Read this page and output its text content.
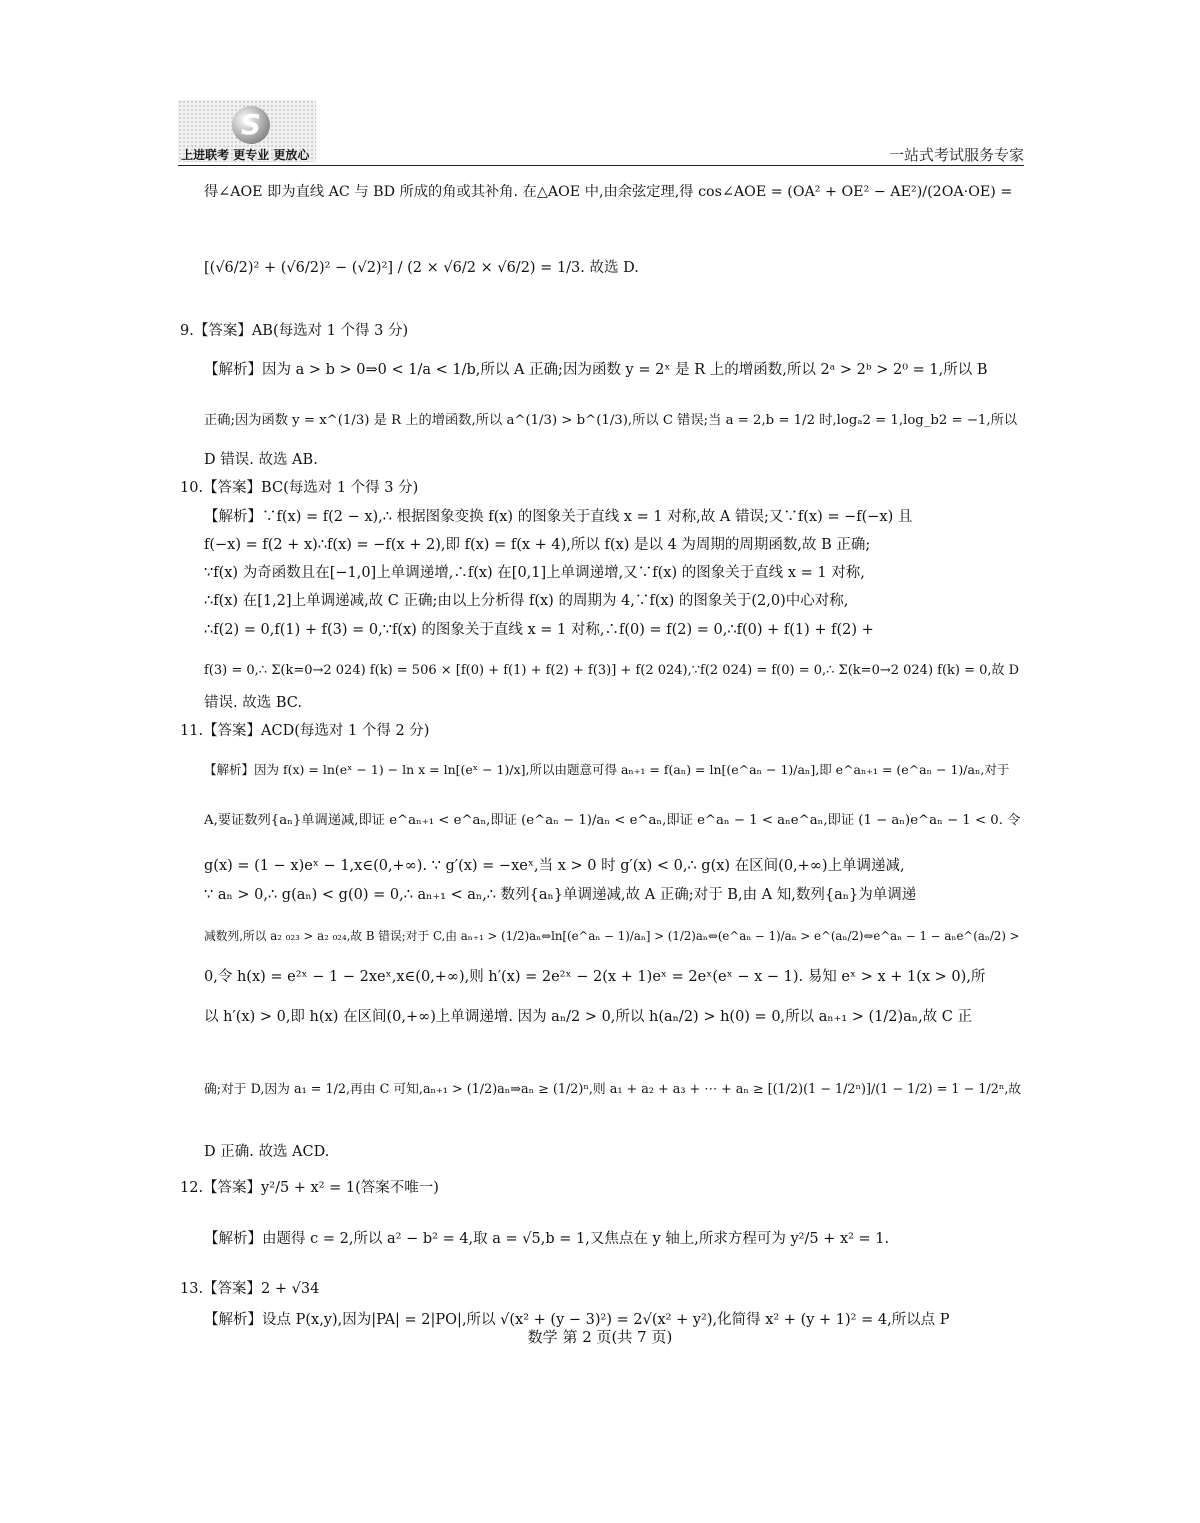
S
上进联考 更专业 更放心	一站式考试服务专家
得∠AOE 即为直线 AC 与 BD 所成的角或其补角. 在△AOE 中,由余弦定理,得 cos∠AOE = (OA² + OE² − AE²)/(2OA·OE) =
[(√6/2)² + (√6/2)² − (√2)²] / (2 × √6/2 × √6/2) = 1/3. 故选 D.
9.【答案】AB(每选对 1 个得 3 分)
【解析】因为 a > b > 0⇒0 < 1/a < 1/b,所以 A 正确;因为函数 y = 2ˣ 是 R 上的增函数,所以 2ᵃ > 2ᵇ > 2⁰ = 1,所以 B
正确;因为函数 y = x^(1/3) 是 R 上的增函数,所以 a^(1/3) > b^(1/3),所以 C 错误;当 a = 2,b = 1/2 时,logₐ2 = 1,log_b2 = −1,所以
D 错误. 故选 AB.
10.【答案】BC(每选对 1 个得 3 分)
【解析】∵f(x) = f(2 − x),∴ 根据图象变换 f(x) 的图象关于直线 x = 1 对称,故 A 错误;又∵f(x) = −f(−x) 且
f(−x) = f(2 + x)∴f(x) = −f(x + 2),即 f(x) = f(x + 4),所以 f(x) 是以 4 为周期的周期函数,故 B 正确;
∵f(x) 为奇函数且在[−1,0]上单调递增,∴f(x) 在[0,1]上单调递增,又∵f(x) 的图象关于直线 x = 1 对称,
∴f(x) 在[1,2]上单调递减,故 C 正确;由以上分析得 f(x) 的周期为 4,∵f(x) 的图象关于(2,0)中心对称,
∴f(2) = 0,f(1) + f(3) = 0,∵f(x) 的图象关于直线 x = 1 对称,∴f(0) = f(2) = 0,∴f(0) + f(1) + f(2) +
f(3) = 0,∴ Σ(k=0→2 024) f(k) = 506 × [f(0) + f(1) + f(2) + f(3)] + f(2 024),∵f(2 024) = f(0) = 0,∴ Σ(k=0→2 024) f(k) = 0,故 D
错误. 故选 BC.
11.【答案】ACD(每选对 1 个得 2 分)
【解析】因为 f(x) = ln(eˣ − 1) − ln x = ln[(eˣ − 1)/x],所以由题意可得 aₙ₊₁ = f(aₙ) = ln[(e^aₙ − 1)/aₙ],即 e^aₙ₊₁ = (e^aₙ − 1)/aₙ,对于
A,要证数列{aₙ}单调递减,即证 e^aₙ₊₁ < e^aₙ,即证 (e^aₙ − 1)/aₙ < e^aₙ,即证 e^aₙ − 1 < aₙe^aₙ,即证 (1 − aₙ)e^aₙ − 1 < 0. 令
g(x) = (1 − x)eˣ − 1,x∈(0,+∞). ∵ g′(x) = −xeˣ,当 x > 0 时 g′(x) < 0,∴ g(x) 在区间(0,+∞)上单调递减,
∵ aₙ > 0,∴ g(aₙ) < g(0) = 0,∴ aₙ₊₁ < aₙ,∴ 数列{aₙ}单调递减,故 A 正确;对于 B,由 A 知,数列{aₙ}为单调递
减数列,所以 a₂ ₀₂₃ > a₂ ₀₂₄,故 B 错误;对于 C,由 aₙ₊₁ > (1/2)aₙ⇔ln[(e^aₙ − 1)/aₙ] > (1/2)aₙ⇔(e^aₙ − 1)/aₙ > e^(aₙ/2)⇔e^aₙ − 1 − aₙe^(aₙ/2) >
0,令 h(x) = e²ˣ − 1 − 2xeˣ,x∈(0,+∞),则 h′(x) = 2e²ˣ − 2(x + 1)eˣ = 2eˣ(eˣ − x − 1). 易知 eˣ > x + 1(x > 0),所
以 h′(x) > 0,即 h(x) 在区间(0,+∞)上单调递增. 因为 aₙ/2 > 0,所以 h(aₙ/2) > h(0) = 0,所以 aₙ₊₁ > (1/2)aₙ,故 C 正
确;对于 D,因为 a₁ = 1/2,再由 C 可知,aₙ₊₁ > (1/2)aₙ⇒aₙ ≥ (1/2)ⁿ,则 a₁ + a₂ + a₃ + ⋯ + aₙ ≥ [(1/2)(1 − 1/2ⁿ)]/(1 − 1/2) = 1 − 1/2ⁿ,故
D 正确. 故选 ACD.
12.【答案】y²/5 + x² = 1(答案不唯一)
【解析】由题得 c = 2,所以 a² − b² = 4,取 a = √5,b = 1,又焦点在 y 轴上,所求方程可为 y²/5 + x² = 1.
13.【答案】2 + √34
【解析】设点 P(x,y),因为|PA| = 2|PO|,所以 √(x² + (y − 3)²) = 2√(x² + y²),化简得 x² + (y + 1)² = 4,所以点 P
数学 第 2 页(共 7 页)
